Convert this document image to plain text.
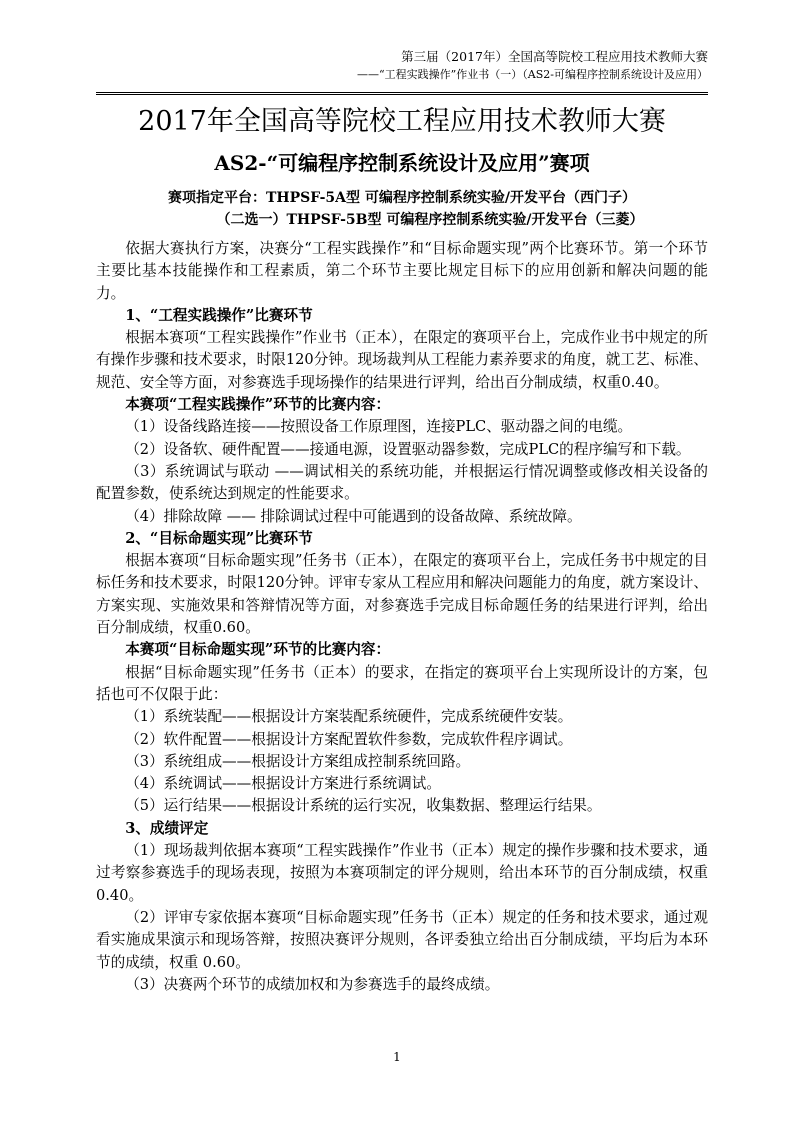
第三届（2017年）全国高等院校工程应用技术教师大赛
——“工程实践操作”作业书（一）（AS2-可编程序控制系统设计及应用）
2017年全国高等院校工程应用技术教师大赛
AS2-“可编程序控制系统设计及应用”赛项
赛项指定平台：THPSF-5A型 可编程序控制系统实验/开发平台（西门子）
（二选一）THPSF-5B型 可编程序控制系统实验/开发平台（三菱）

依据大赛执行方案，决赛分“工程实践操作”和“目标命题实现”两个比赛环节。第一个环节主要比基本技能操作和工程素质，第二个环节主要比规定目标下的应用创新和解决问题的能力。

1、“工程实践操作”比赛环节

根据本赛项“工程实践操作”作业书（正本），在限定的赛项平台上，完成作业书中规定的所有操作步骤和技术要求，时限120分钟。现场裁判从工程能力素养要求的角度，就工艺、标准、规范、安全等方面，对参赛选手现场操作的结果进行评判，给出百分制成绩，权重0.40。

本赛项“工程实践操作”环节的比赛内容：

（1）设备线路连接——按照设备工作原理图，连接PLC、驱动器之间的电缆。

（2）设备软、硬件配置——接通电源，设置驱动器参数，完成PLC的程序编写和下载。

（3）系统调试与联动 ——调试相关的系统功能，并根据运行情况调整或修改相关设备的配置参数，使系统达到规定的性能要求。

（4）排除故障 —— 排除调试过程中可能遇到的设备故障、系统故障。

2、“目标命题实现”比赛环节

根据本赛项“目标命题实现”任务书（正本），在限定的赛项平台上，完成任务书中规定的目标任务和技术要求，时限120分钟。评审专家从工程应用和解决问题能力的角度，就方案设计、方案实现、实施效果和答辩情况等方面，对参赛选手完成目标命题任务的结果进行评判，给出百分制成绩，权重0.60。

本赛项“目标命题实现”环节的比赛内容：

根据“目标命题实现”任务书（正本）的要求，在指定的赛项平台上实现所设计的方案，包括也可不仅限于此：

（1）系统装配——根据设计方案装配系统硬件，完成系统硬件安装。

（2）软件配置——根据设计方案配置软件参数，完成软件程序调试。

（3）系统组成——根据设计方案组成控制系统回路。

（4）系统调试——根据设计方案进行系统调试。

（5）运行结果——根据设计系统的运行实况，收集数据、整理运行结果。

3、成绩评定

（1）现场裁判依据本赛项“工程实践操作”作业书（正本）规定的操作步骤和技术要求，通过考察参赛选手的现场表现，按照为本赛项制定的评分规则，给出本环节的百分制成绩，权重 0.40。

（2）评审专家依据本赛项“目标命题实现”任务书（正本）规定的任务和技术要求，通过观看实施成果演示和现场答辩，按照决赛评分规则，各评委独立给出百分制成绩，平均后为本环节的成绩，权重 0.60。

（3）决赛两个环节的成绩加权和为参赛选手的最终成绩。

1
